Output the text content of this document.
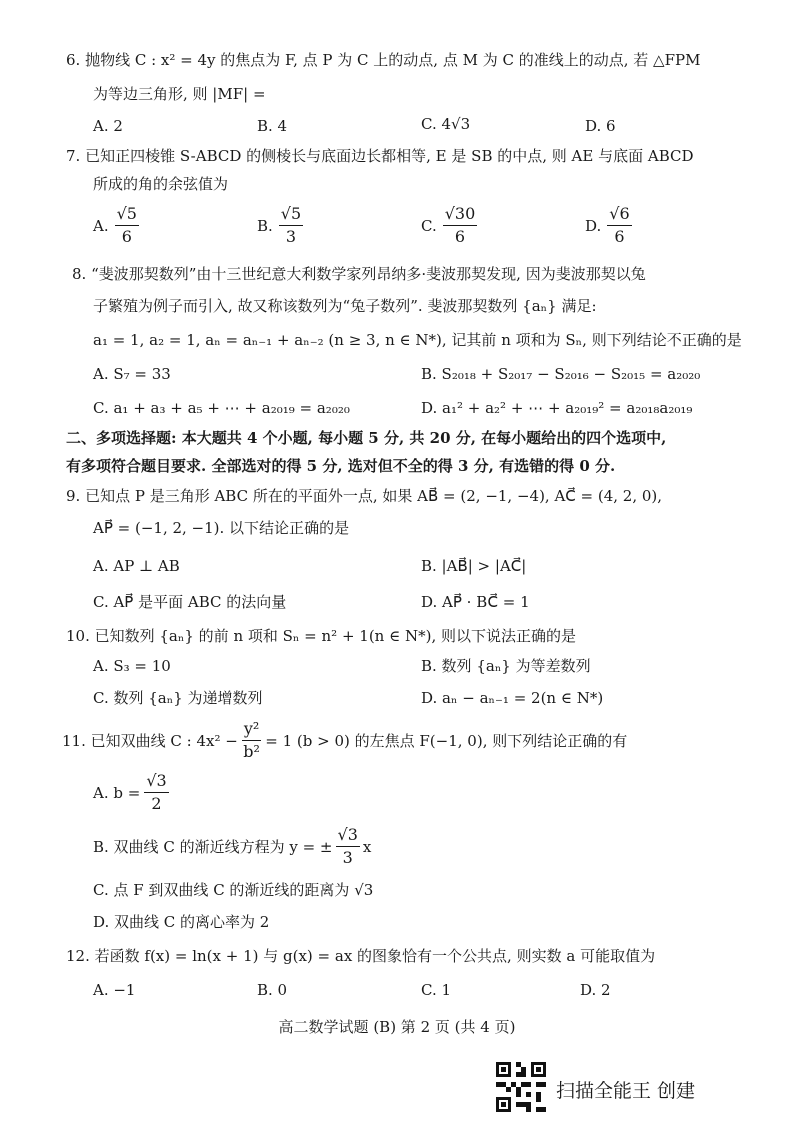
6. 抛物线 C : x² = 4y 的焦点为 F, 点 P 为 C 上的动点, 点 M 为 C 的准线上的动点, 若 △FPM
为等边三角形, 则 |MF| =
A. 2	B. 4	C. 4√3	D. 6
7. 已知正四棱锥 S-ABCD 的侧棱长与底面边长都相等, E 是 SB 的中点, 则 AE 与底面 ABCD
所成的角的余弦值为
A. $\frac{√5}{6}$	B. $\frac{√5}{3}$	C. $\frac{√30}{6}$	D. $\frac{√6}{6}$
8. “斐波那契数列”由十三世纪意大利数学家列昂纳多·斐波那契发现, 因为斐波那契以兔
子繁殖为例子而引入, 故又称该数列为“兔子数列”. 斐波那契数列 {aₙ} 满足:
a₁ = 1, a₂ = 1, aₙ = aₙ₋₁ + aₙ₋₂ (n ≥ 3, n ∈ N*), 记其前 n 项和为 Sₙ, 则下列结论不正确的是
A. S₇ = 33	B. S₂₀₁₈ + S₂₀₁₇ − S₂₀₁₆ − S₂₀₁₅ = a₂₀₂₀
C. a₁ + a₃ + a₅ + ⋯ + a₂₀₁₉ = a₂₀₂₀	D. a₁² + a₂² + ⋯ + a₂₀₁₉² = a₂₀₁₈a₂₀₁₉
二、多项选择题: 本大题共 4 个小题, 每小题 5 分, 共 20 分, 在每小题给出的四个选项中,
有多项符合题目要求. 全部选对的得 5 分, 选对但不全的得 3 分, 有选错的得 0 分.
9. 已知点 P 是三角形 ABC 所在的平面外一点, 如果 AB⃗ = (2, −1, −4), AC⃗ = (4, 2, 0),
AP⃗ = (−1, 2, −1). 以下结论正确的是
A. AP ⊥ AB	B. |AB⃗| > |AC⃗|
C. AP⃗ 是平面 ABC 的法向量	D. AP⃗ · BC⃗ = 1
10. 已知数列 {aₙ} 的前 n 项和 Sₙ = n² + 1(n ∈ N*), 则以下说法正确的是
A. S₃ = 10	B. 数列 {aₙ} 为等差数列
C. 数列 {aₙ} 为递增数列	D. aₙ − aₙ₋₁ = 2(n ∈ N*)
11. 已知双曲线 C : $4x^2 - \frac{\text{y²}}{\text{b²}} = 1$ (b > 0) 的左焦点 F(−1, 0), 则下列结论正确的有
A. $b = \frac{√3}{2}$
B. 双曲线 C 的渐近线方程为 y = ± $\frac{√3}{3}$ x
C. 点 F 到双曲线 C 的渐近线的距离为 √3
D. 双曲线 C 的离心率为 2
12. 若函数 f(x) = ln(x + 1) 与 g(x) = ax 的图象恰有一个公共点, 则实数 a 可能取值为
A. −1	B. 0	C. 1	D. 2
高二数学试题 (B) 第 2 页 (共 4 页)
扫描全能王 创建
